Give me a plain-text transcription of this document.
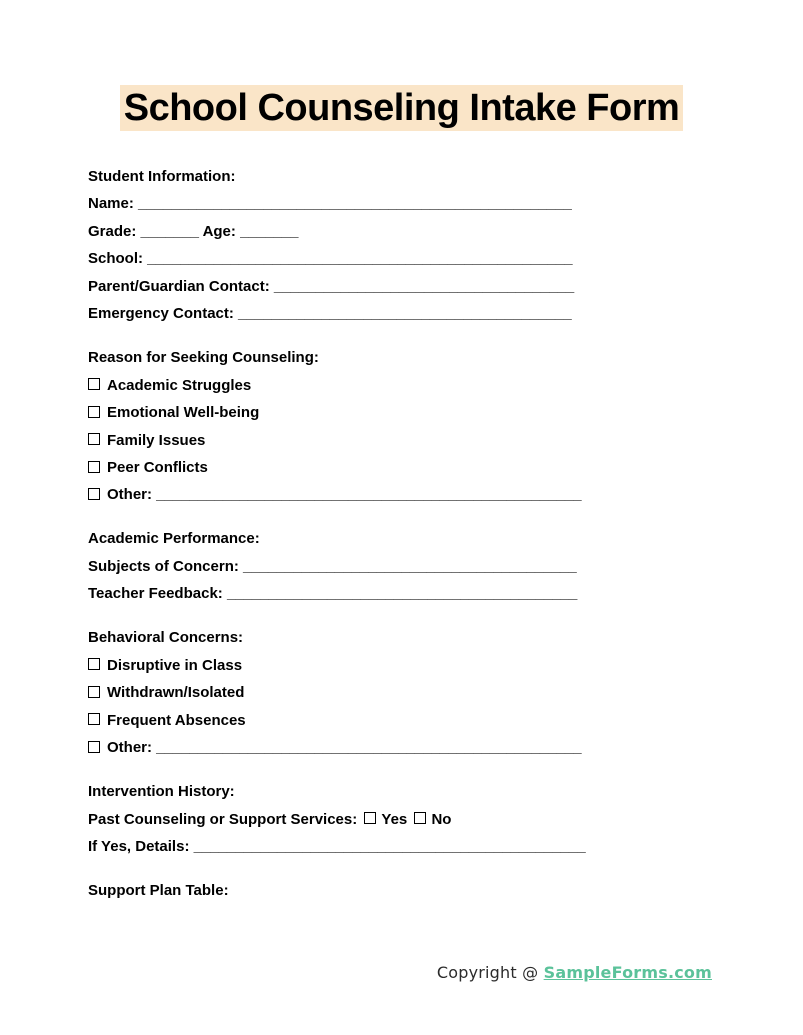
School Counseling Intake Form

Student Information:

Name: ____________________________________________________

Grade: _______ Age: _______

School: ___________________________________________________

Parent/Guardian Contact: ____________________________________

Emergency Contact: ________________________________________

Reason for Seeking Counseling:

Academic Struggles

Emotional Well-being

Family Issues

Peer Conflicts

Other: ___________________________________________________

Academic Performance:

Subjects of Concern: ________________________________________

Teacher Feedback: __________________________________________

Behavioral Concerns:

Disruptive in Class

Withdrawn/Isolated

Frequent Absences

Other: ___________________________________________________

Intervention History:

Past Counseling or Support Services: Yes No

If Yes, Details: _______________________________________________

Support Plan Table:

Copyright @ SampleForms.com
